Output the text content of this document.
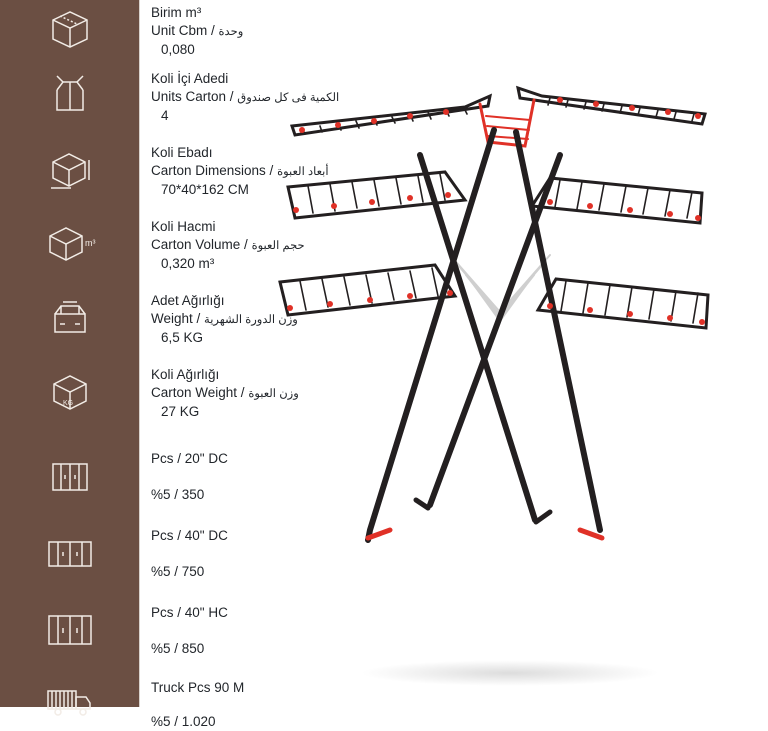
Birim m³
Unit Cbm / وحدة
0,080
Koli İçi Adedi
Units Carton / الكمية فى كل صندوق
4
Koli Ebadı
Carton Dimensions / أبعاد العبوة
70*40*162 CM
m³
Koli Hacmi
Carton Volume / حجم العبوة
0,320 m³
Adet Ağırlığı
Weight / وزن الدورة الشهرية
6,5 KG
KG
Koli Ağırlığı
Carton Weight / وزن العبوة
27 KG
Pcs / 20" DC
%5 / 350
Pcs / 40" DC
%5 / 750
Pcs / 40" HC
%5 / 850
Truck Pcs 90 M
%5 / 1.020
